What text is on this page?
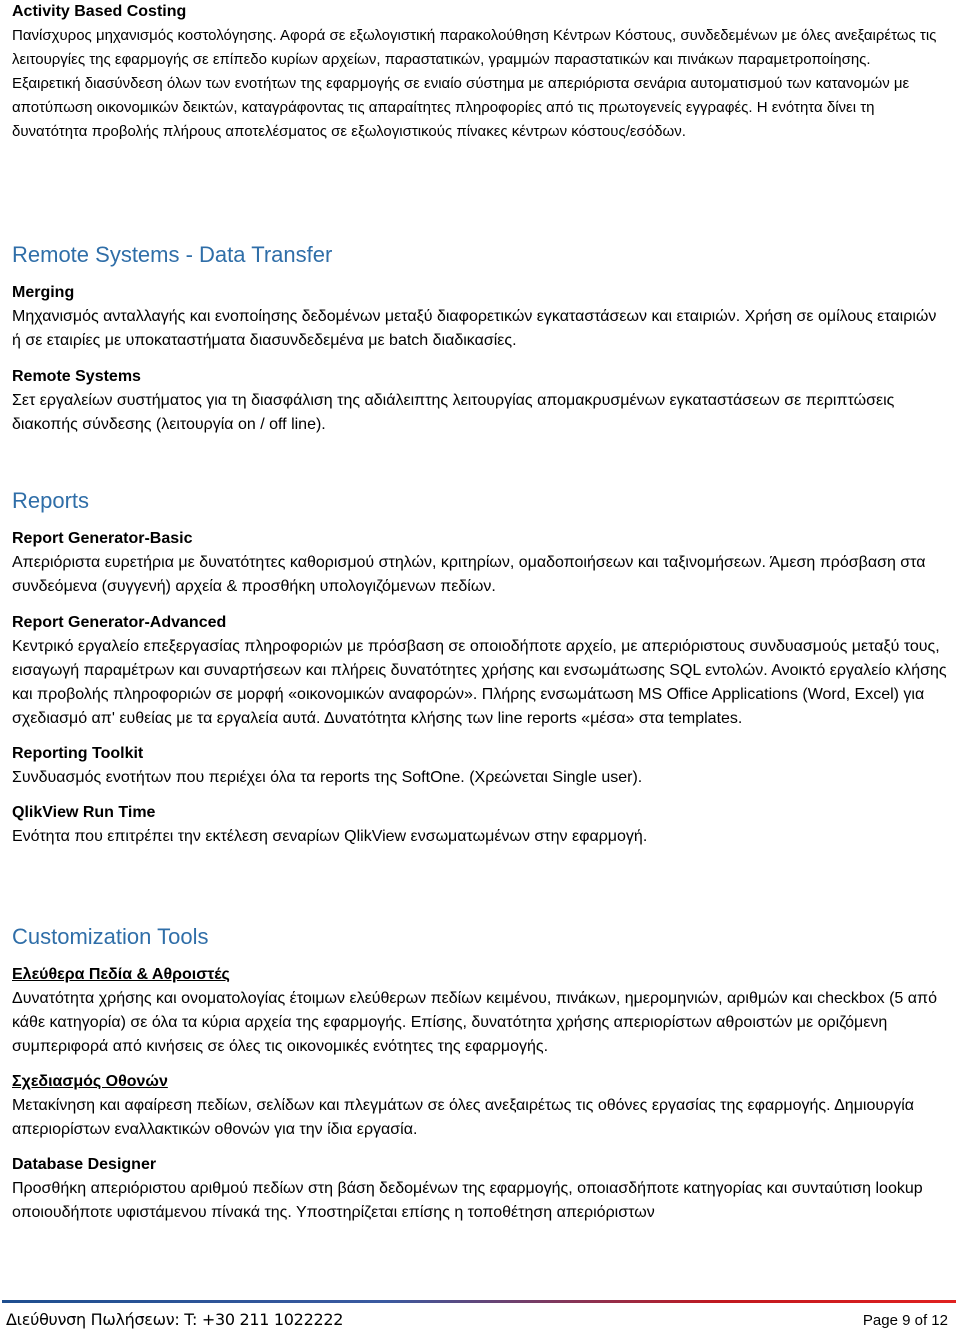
Activity Based Costing

Πανίσχυρος μηχανισμός κοστολόγησης. Αφορά σε εξωλογιστική παρακολούθηση Κέντρων Κόστους, συνδεδεμένων με όλες ανεξαιρέτως τις λειτουργίες της εφαρμογής σε επίπεδο κυρίων αρχείων, παραστατικών, γραμμών παραστατικών και πινάκων παραμετροποίησης.

Εξαιρετική διασύνδεση όλων των ενοτήτων της εφαρμογής σε ενιαίο σύστημα με απεριόριστα σενάρια αυτοματισμού των κατανομών με αποτύπωση οικονομικών δεικτών, καταγράφοντας τις απαραίτητες πληροφορίες από τις πρωτογενείς εγγραφές. Η ενότητα δίνει τη δυνατότητα προβολής πλήρους αποτελέσματος σε εξωλογιστικούς πίνακες κέντρων κόστους/εσόδων.

Remote Systems - Data Transfer

Merging

Μηχανισμός ανταλλαγής και ενοποίησης δεδομένων μεταξύ διαφορετικών εγκαταστάσεων και εταιριών. Χρήση σε ομίλους εταιριών ή σε εταιρίες με υποκαταστήματα διασυνδεδεμένα με batch διαδικασίες.

Remote Systems

Σετ εργαλείων συστήματος για τη διασφάλιση της αδιάλειπτης λειτουργίας απομακρυσμένων εγκαταστάσεων σε περιπτώσεις διακοπής σύνδεσης (λειτουργία on / off line).

Reports

Report Generator-Basic

Απεριόριστα ευρετήρια με δυνατότητες καθορισμού στηλών, κριτηρίων, ομαδοποιήσεων και ταξινομήσεων. Άμεση πρόσβαση στα συνδεόμενα (συγγενή) αρχεία & προσθήκη υπολογιζόμενων πεδίων.

Report Generator-Advanced

Κεντρικό εργαλείο επεξεργασίας πληροφοριών με πρόσβαση σε οποιοδήποτε αρχείο, με απεριόριστους συνδυασμούς μεταξύ τους, εισαγωγή παραμέτρων και συναρτήσεων και πλήρεις δυνατότητες χρήσης και ενσωμάτωσης SQL εντολών. Ανοικτό εργαλείο κλήσης και προβολής πληροφοριών σε μορφή «οικονομικών αναφορών». Πλήρης ενσωμάτωση MS Office Applications (Word, Excel) για σχεδιασμό απ' ευθείας με τα εργαλεία αυτά. Δυνατότητα κλήσης των line reports «μέσα» στα templates.

Reporting Toolkit

Συνδυασμός ενοτήτων που περιέχει όλα τα reports της SoftOne. (Χρεώνεται Single user).

QlikView Run Time

Ενότητα που επιτρέπει την εκτέλεση σεναρίων QlikView ενσωματωμένων στην εφαρμογή.

Customization Tools

Ελεύθερα Πεδία & Αθροιστές

Δυνατότητα χρήσης και ονοματολογίας έτοιμων ελεύθερων πεδίων κειμένου, πινάκων, ημερομηνιών, αριθμών και checkbox (5 από κάθε κατηγορία) σε όλα τα κύρια αρχεία της εφαρμογής. Επίσης, δυνατότητα χρήσης απεριορίστων αθροιστών με οριζόμενη συμπεριφορά από κινήσεις σε όλες τις οικονομικές ενότητες της εφαρμογής.

Σχεδιασμός Οθονών

Μετακίνηση και αφαίρεση πεδίων, σελίδων και πλεγμάτων σε όλες ανεξαιρέτως τις οθόνες εργασίας της εφαρμογής. Δημιουργία απεριορίστων εναλλακτικών οθονών για την ίδια εργασία.

Database Designer

Προσθήκη απεριόριστου αριθμού πεδίων στη βάση δεδομένων της εφαρμογής, οποιασδήποτε κατηγορίας και συνταύτιση lookup οποιουδήποτε υφιστάμενου πίνακά της. Υποστηρίζεται επίσης η τοποθέτηση απεριόριστων

Διεύθυνση Πωλήσεων: T: +30 211 1022222	Page 9 of 12
